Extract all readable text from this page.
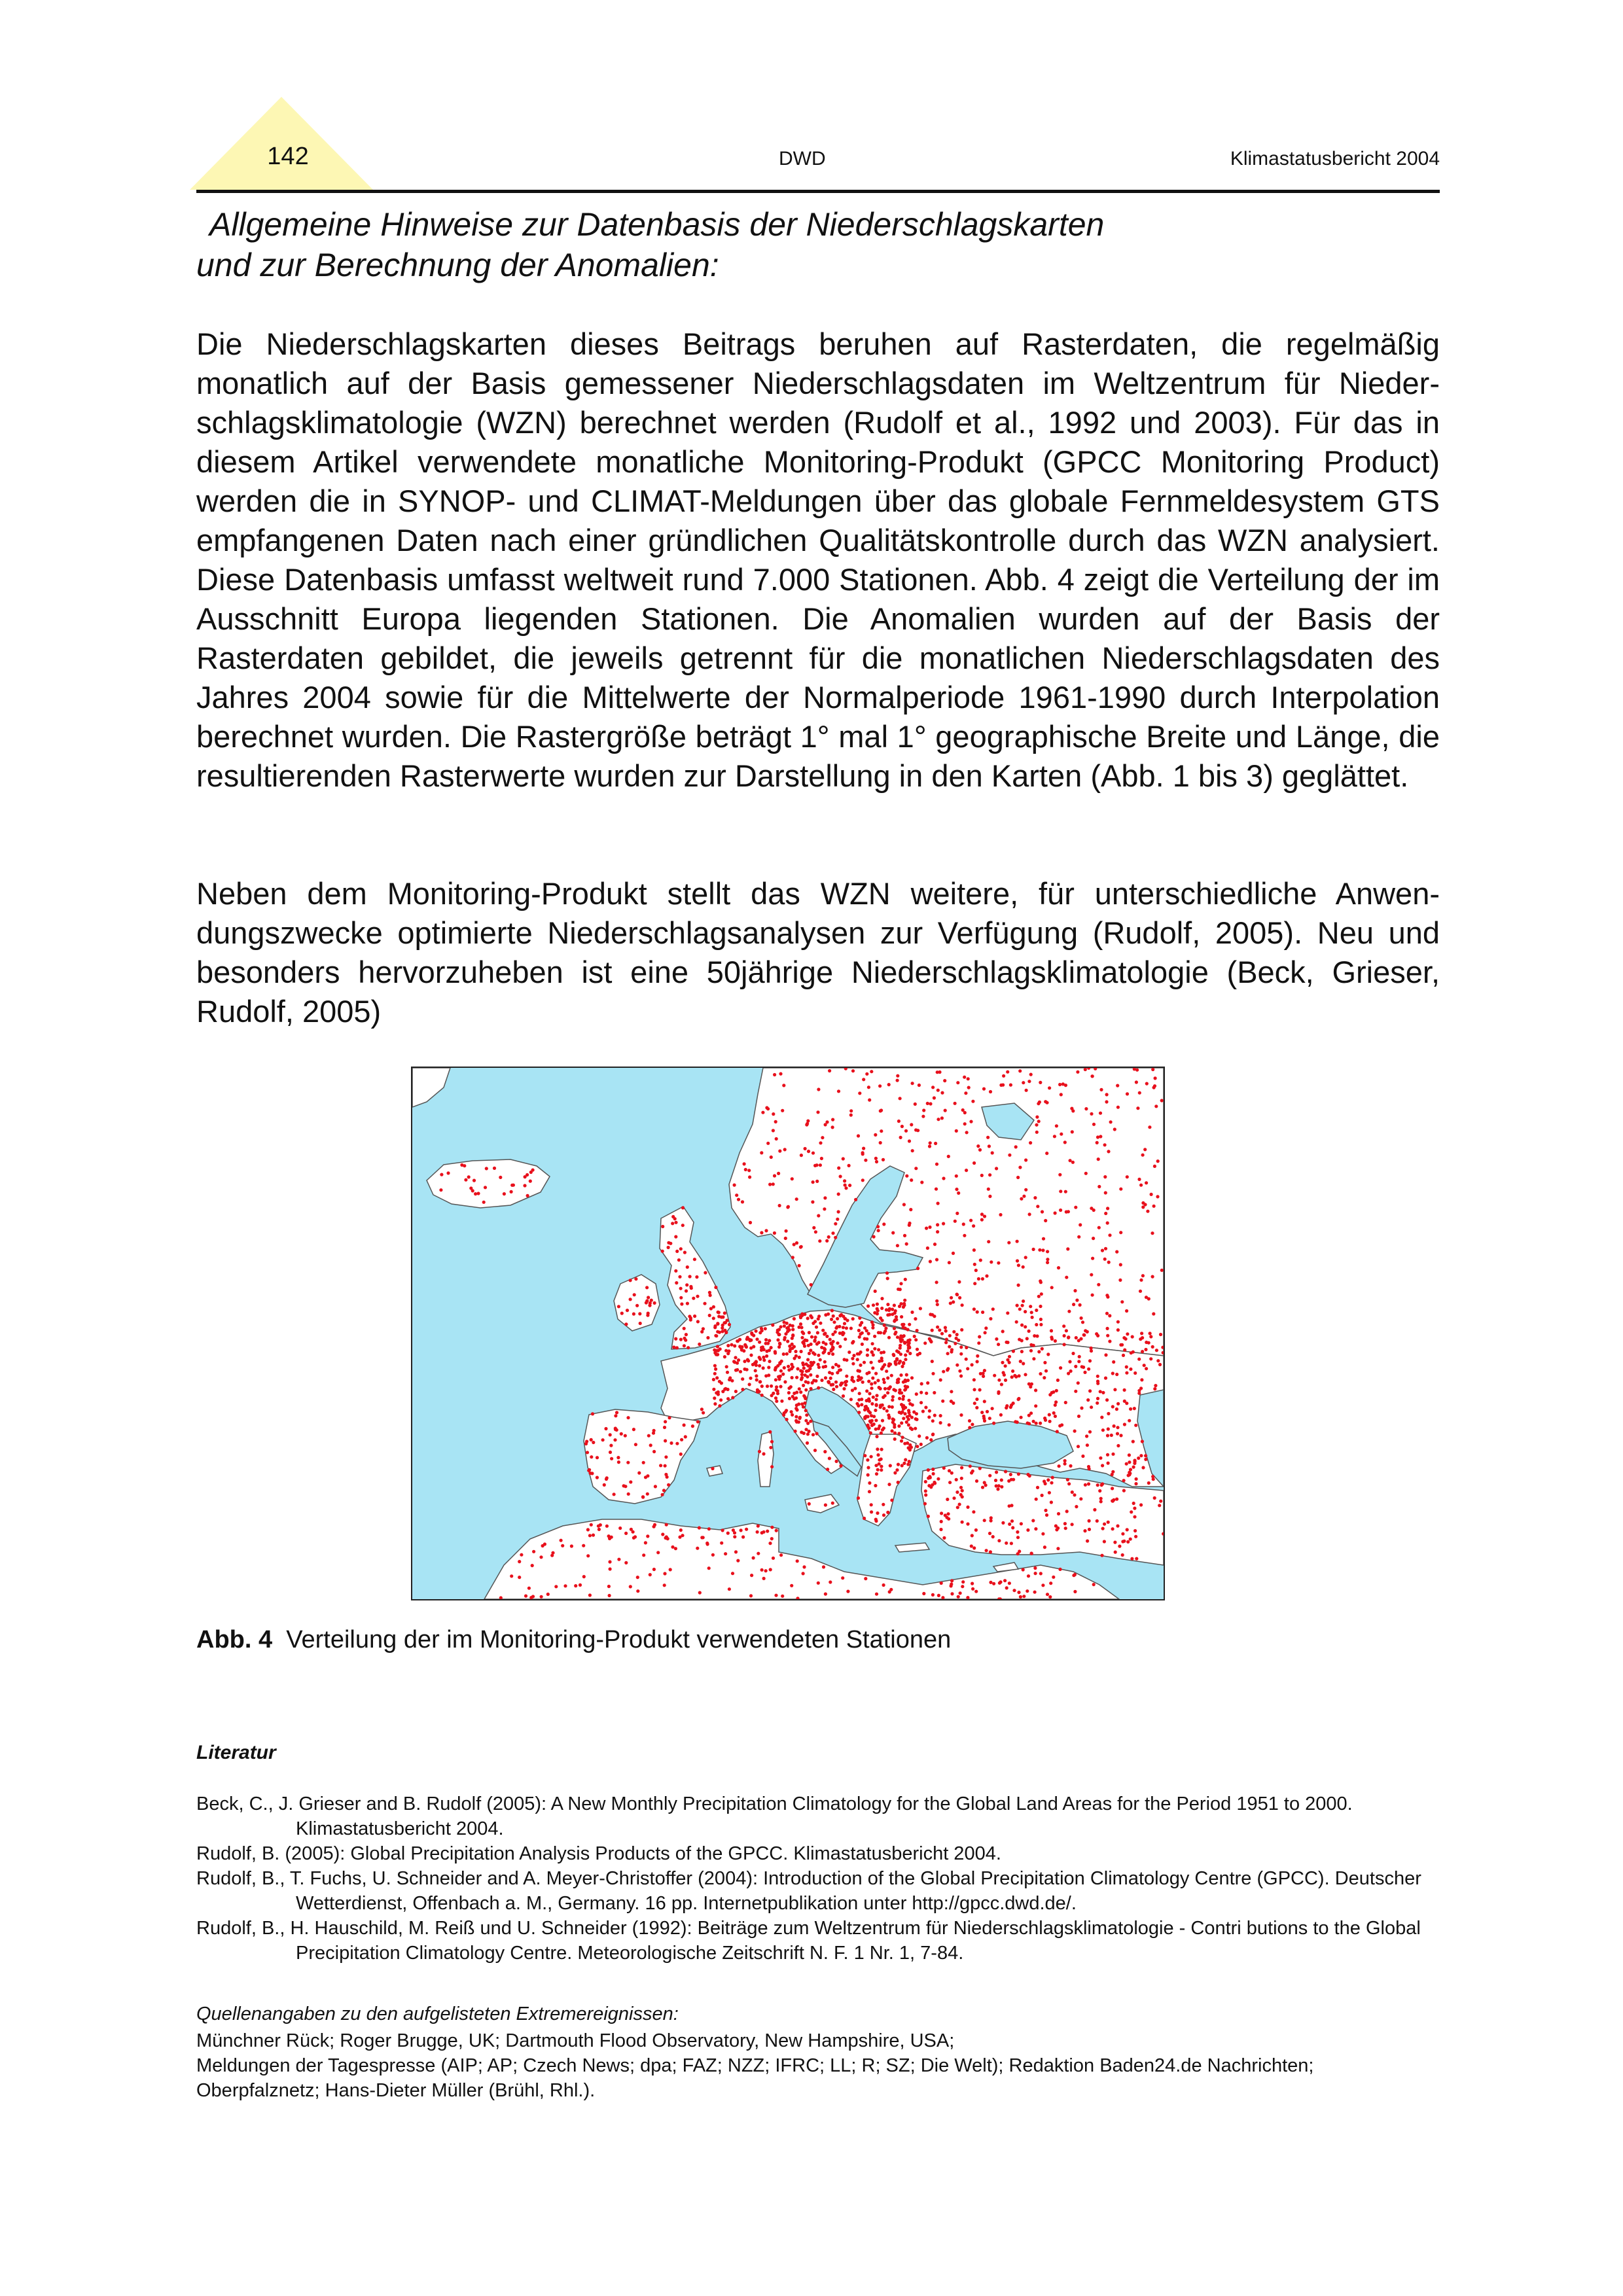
142	DWD	Klimastatusbericht 2004
Allgemeine Hinweise zur Datenbasis der Niederschlagskarten
und zur Berechnung der Anomalien:

Die Niederschlagskarten dieses Beitrags beruhen auf Rasterdaten, die regelmäßig monatlich auf der Basis gemessener Niederschlagsdaten im Weltzentrum für Niederschlagsklimatologie (WZN) berechnet werden (Rudolf et al., 1992 und 2003). Für das in diesem Artikel verwendete monatliche Monitoring-Produkt (GPCC Monitoring Product) werden die in SYNOP- und CLIMAT-Meldungen über das globale Fernmeldesystem GTS empfangenen Daten nach einer gründlichen Qualitätskontrolle durch das WZN analysiert. Diese Datenbasis umfasst weltweit rund 7.000 Stationen. Abb. 4 zeigt die Verteilung der im Ausschnitt Europa liegenden Stationen. Die Anomalien wurden auf der Basis der Rasterdaten gebildet, die jeweils getrennt für die monatlichen Niederschlagsdaten des Jahres 2004 sowie für die Mittelwerte der Normalperiode 1961-1990 durch Interpolation berechnet wurden. Die Rastergröße beträgt 1° mal 1° geographische Breite und Länge, die resultierenden Rasterwerte wurden zur Darstellung in den Karten (Abb. 1 bis 3) geglättet.

Neben dem Monitoring-Produkt stellt das WZN weitere, für unterschiedliche Anwendungszwecke optimierte Niederschlagsanalysen zur Verfügung (Rudolf, 2005). Neu und besonders hervorzuheben ist eine 50jährige Niederschlagsklimatologie (Beck, Grieser, Rudolf, 2005)

Abb. 4 Verteilung der im Monitoring-Produkt verwendeten Stationen
Literatur

Beck, C., J. Grieser and B. Rudolf (2005): A New Monthly Precipitation Climatology for the Global Land Areas for the Period 1951 to 2000. Klimastatusbericht 2004.

Rudolf, B. (2005): Global Precipitation Analysis Products of the GPCC. Klimastatusbericht 2004.

Rudolf, B., T. Fuchs, U. Schneider and A. Meyer-Christoffer (2004): Introduction of the Global Precipitation Climatology Centre (GPCC). Deutscher Wetterdienst, Offenbach a. M., Germany. 16 pp. Internetpublikation unter http://gpcc.dwd.de/.

Rudolf, B., H. Hauschild, M. Reiß und U. Schneider (1992): Beiträge zum Weltzentrum für Niederschlagsklimatologie - Contri butions to the Global Precipitation Climatology Centre. Meteorologische Zeitschrift N. F. 1 Nr. 1, 7-84.

Quellenangaben zu den aufgelisteten Extremereignissen:
Münchner Rück; Roger Brugge, UK; Dartmouth Flood Observatory, New Hampshire, USA;
Meldungen der Tagespresse (AIP; AP; Czech News; dpa; FAZ; NZZ; IFRC; LL; R; SZ; Die Welt); Redaktion Baden24.de Nachrichten; Oberpfalznetz; Hans-Dieter Müller (Brühl, Rhl.).
